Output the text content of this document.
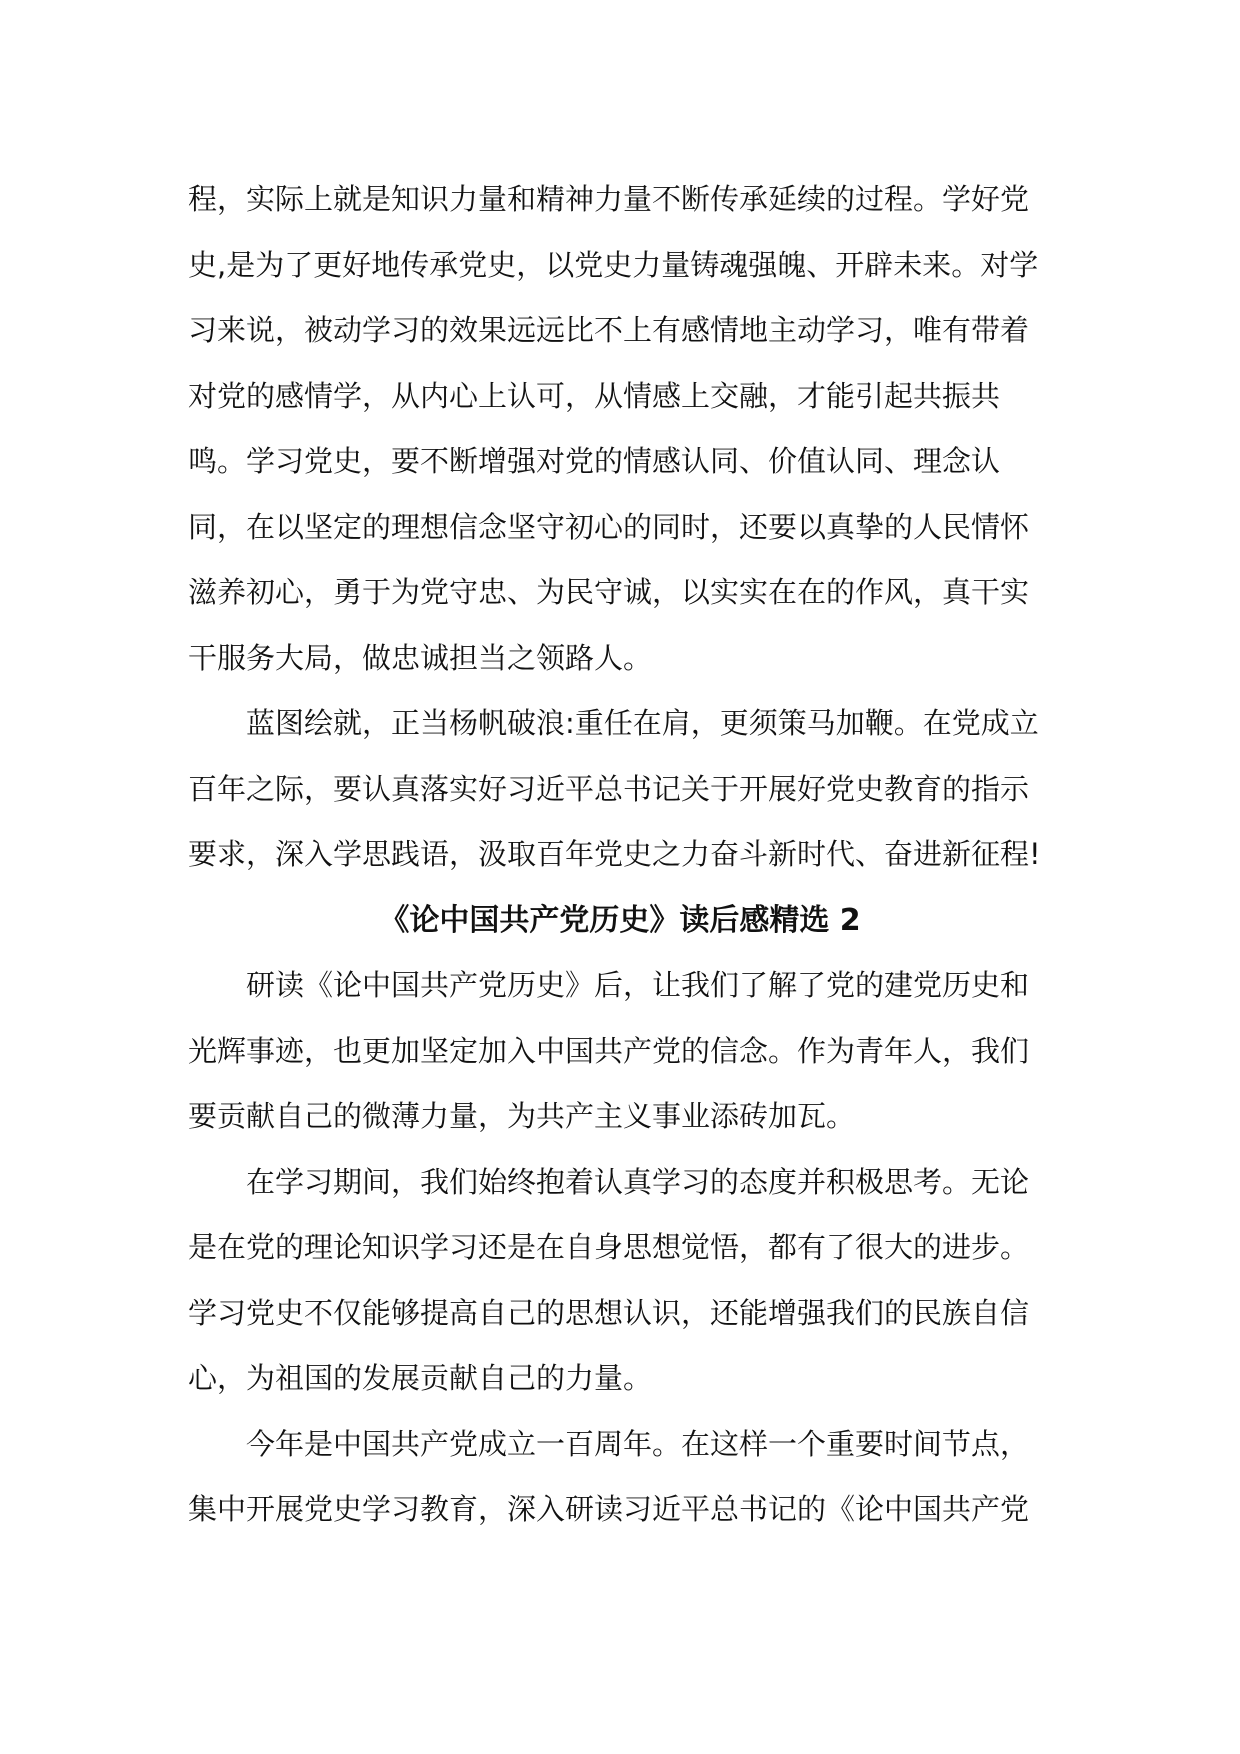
程，实际上就是知识力量和精神力量不断传承延续的过程。学好党
史,是为了更好地传承党史，以党史力量铸魂强魄、开辟未来。对学
习来说，被动学习的效果远远比不上有感情地主动学习，唯有带着
对党的感情学，从内心上认可，从情感上交融，才能引起共振共
鸣。学习党史，要不断增强对党的情感认同、价值认同、理念认
同，在以坚定的理想信念坚守初心的同时，还要以真挚的人民情怀
滋养初心，勇于为党守忠、为民守诚，以实实在在的作风，真干实
干服务大局，做忠诚担当之领路人。
蓝图绘就，正当杨帆破浪:重任在肩，更须策马加鞭。在党成立
百年之际，要认真落实好习近平总书记关于开展好党史教育的指示
要求，深入学思践语，汲取百年党史之力奋斗新时代、奋进新征程!
《论中国共产党历史》读后感精选 2
研读《论中国共产党历史》后，让我们了解了党的建党历史和
光辉事迹，也更加坚定加入中国共产党的信念。作为青年人，我们
要贡献自己的微薄力量，为共产主义事业添砖加瓦。
在学习期间，我们始终抱着认真学习的态度并积极思考。无论
是在党的理论知识学习还是在自身思想觉悟，都有了很大的进步。
学习党史不仅能够提高自己的思想认识，还能增强我们的民族自信
心，为祖国的发展贡献自己的力量。
今年是中国共产党成立一百周年。在这样一个重要时间节点，
集中开展党史学习教育，深入研读习近平总书记的《论中国共产党
